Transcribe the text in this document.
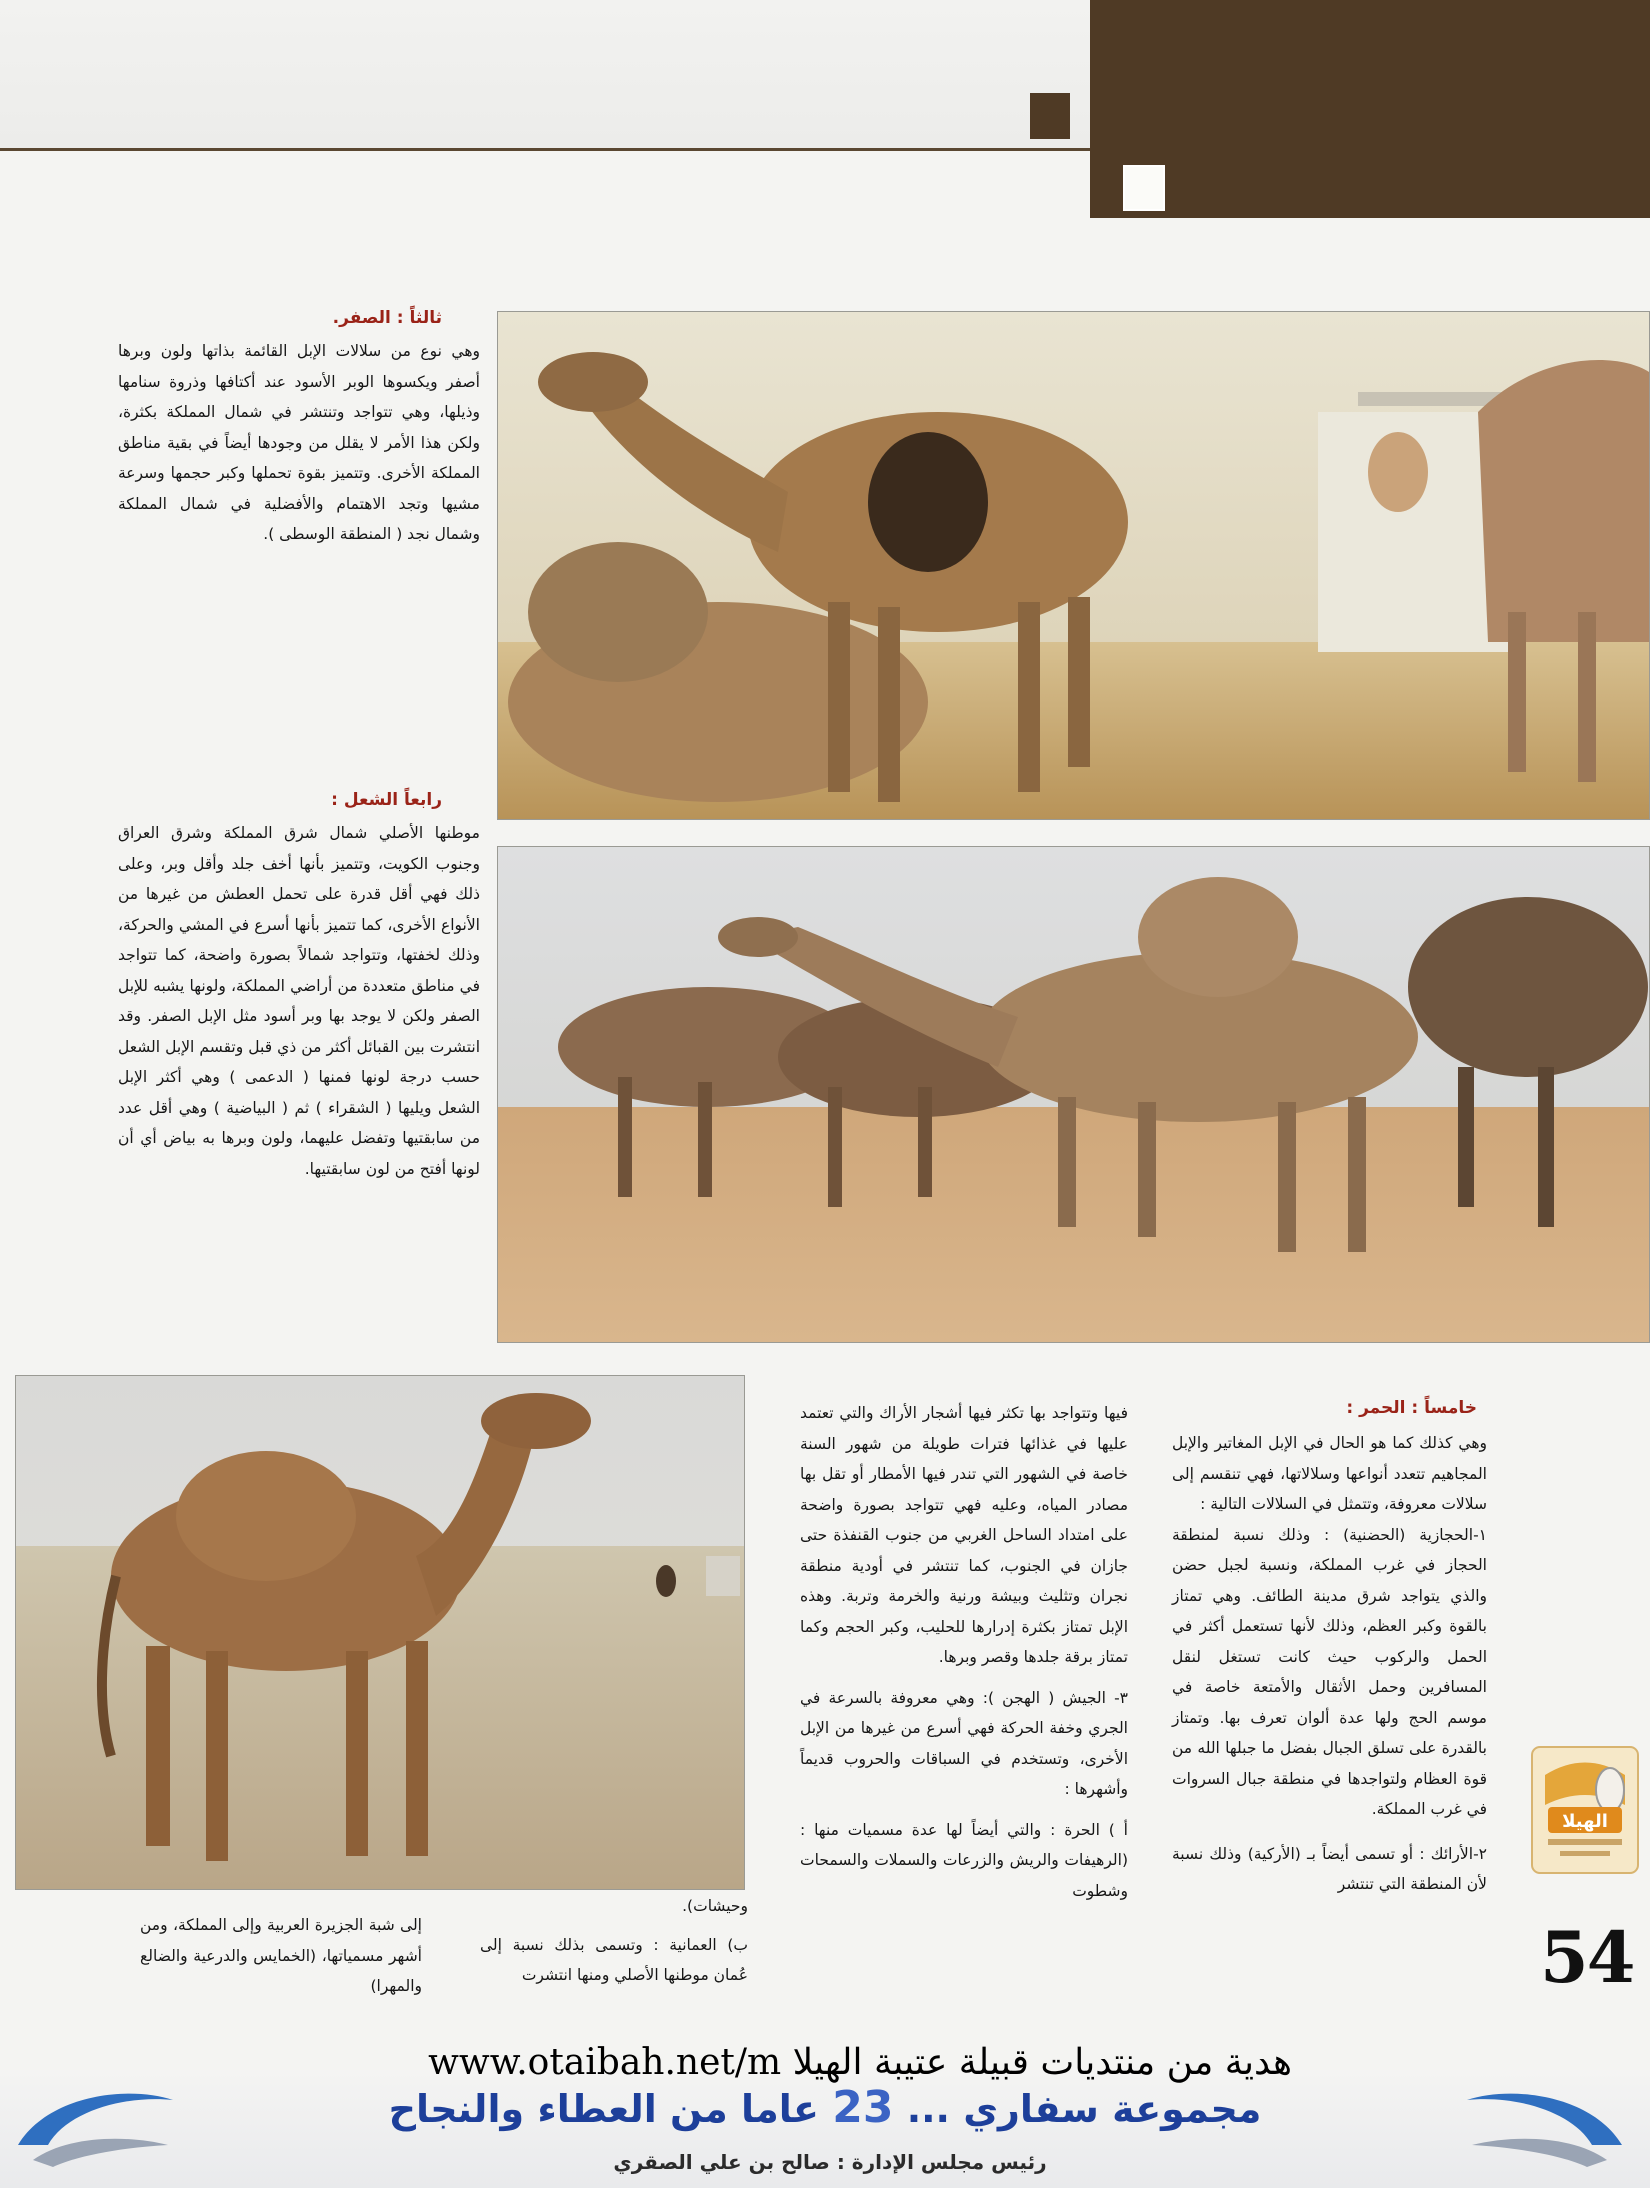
ثالثاً : الصفر.

وهي نوع من سلالات الإبل القائمة بذاتها ولون وبرها أصفر ويكسوها الوبر الأسود عند أكتافها وذروة سنامها وذيلها، وهي تتواجد وتنتشر في شمال المملكة بكثرة، ولكن هذا الأمر لا يقلل من وجودها أيضاً في بقية مناطق المملكة الأخرى. وتتميز بقوة تحملها وكبر حجمها وسرعة مشيها وتجد الاهتمام والأفضلية في شمال المملكة وشمال نجد ( المنطقة الوسطى ).

رابعاً الشعل :

موطنها الأصلي شمال شرق المملكة وشرق العراق وجنوب الكويت، وتتميز بأنها أخف جلد وأقل وبر، وعلى ذلك فهي أقل قدرة على تحمل العطش من غيرها من الأنواع الأخرى، كما تتميز بأنها أسرع في المشي والحركة، وذلك لخفتها، وتتواجد شمالاً بصورة واضحة، كما تتواجد في مناطق متعددة من أراضي المملكة، ولونها يشبه للإبل الصفر ولكن لا يوجد بها وبر أسود مثل الإبل الصفر. وقد انتشرت بين القبائل أكثر من ذي قبل وتقسم الإبل الشعل حسب درجة لونها فمنها ( الدعمى ) وهي أكثر الإبل الشعل ويليها ( الشقراء ) ثم ( البياضية ) وهي أقل عدد من سابقتيها وتفضل عليهما، ولون وبرها به بياض أي أن لونها أفتح من لون سابقتيها.

خامساً : الحمر :

وهي كذلك كما هو الحال في الإبل المغاتير والإبل المجاهيم تتعدد أنواعها وسلالاتها، فهي تنقسم إلى سلالات معروفة، وتتمثل في السلالات التالية :

١-الحجازية (الحضنية) : وذلك نسبة لمنطقة الحجاز في غرب المملكة، ونسبة لجبل حضن والذي يتواجد شرق مدينة الطائف. وهي تمتاز بالقوة وكبر العظم، وذلك لأنها تستعمل أكثر في الحمل والركوب حيث كانت تستغل لنقل المسافرين وحمل الأثقال والأمتعة خاصة في موسم الحج ولها عدة ألوان تعرف بها. وتمتاز بالقدرة على تسلق الجبال بفضل ما جبلها الله من قوة العظام ولتواجدها في منطقة جبال السروات في غرب المملكة.

٢-الأرائك : أو تسمى أيضاً بـ (الأركية) وذلك نسبة لأن المنطقة التي تنتشر

فيها وتتواجد بها تكثر فيها أشجار الأراك والتي تعتمد عليها في غذائها فترات طويلة من شهور السنة خاصة في الشهور التي تندر فيها الأمطار أو تقل بها مصادر المياه، وعليه فهي تتواجد بصورة واضحة على امتداد الساحل الغربي من جنوب القنفذة حتى جازان في الجنوب، كما تنتشر في أودية منطقة نجران وتثليث وبيشة ورنية والخرمة وتربة. وهذه الإبل تمتاز بكثرة إدرارها للحليب، وكبر الحجم وكما تمتاز برقة جلدها وقصر وبرها.

٣- الجيش ( الهجن ): وهي معروفة بالسرعة في الجري وخفة الحركة فهي أسرع من غيرها من الإبل الأخرى، وتستخدم في السباقات والحروب قديماً وأشهرها :

أ ) الحرة : والتي أيضاً لها عدة مسميات منها : (الرهيفات والريش والزرعات والسملات والسمحات وشطوت

وحيشات).

ب) العمانية : وتسمى بذلك نسبة إلى عُمان موطنها الأصلي ومنها انتشرت

إلى شبة الجزيرة العربية وإلى المملكة، ومن أشهر مسمياتها، (الخمايس والدرعية والضالع والمهرا)

الهيلا
54
مجموعة سفاري ... 23 عاما من العطاء والنجاح
رئيس مجلس الإدارة : صالح بن علي الصقري
www.otaibah.net/m هدية من منتديات قبيلة عتيبة الهيلا
